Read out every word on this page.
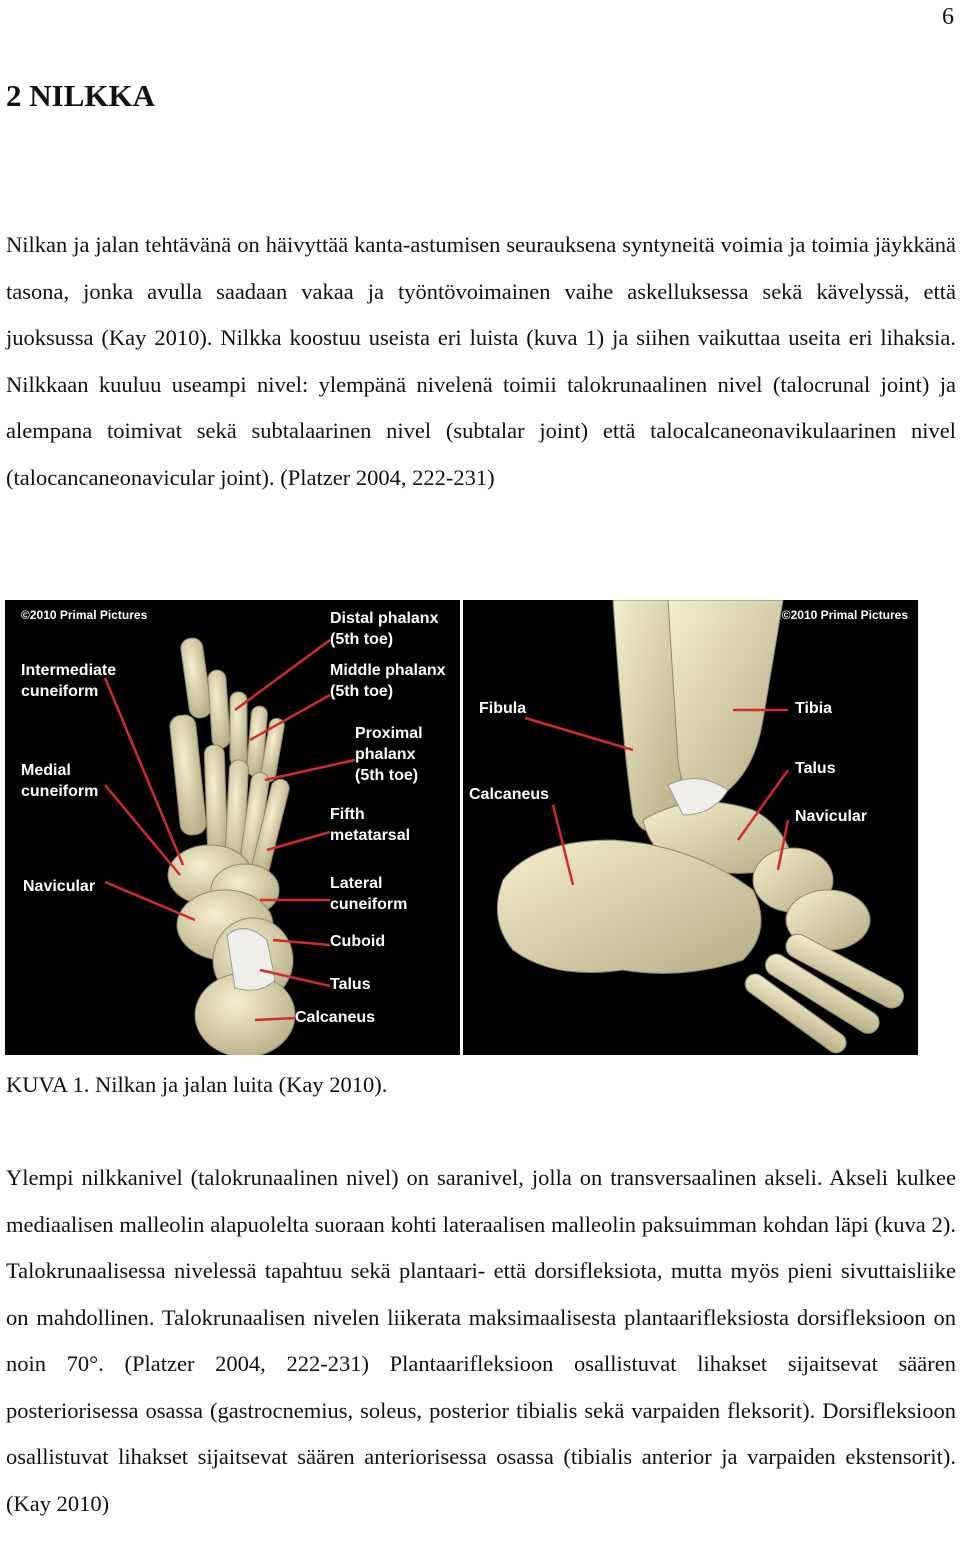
6
2 NILKKA

Nilkan ja jalan tehtävänä on häivyttää kanta-astumisen seurauksena syntyneitä voimia ja toimia jäykkänä tasona, jonka avulla saadaan vakaa ja työntövoimainen vaihe askelluksessa sekä kävelyssä, että juoksussa (Kay 2010). Nilkka koostuu useista eri luista (kuva 1) ja siihen vaikuttaa useita eri lihaksia. Nilkkaan kuuluu useampi nivel: ylempänä nivelenä toimii talokrunaalinen nivel (talocrunal joint) ja alempana toimivat sekä subtalaarinen nivel (subtalar joint) että talocalcaneonavikulaarinen nivel (talocancaneonavicular joint). (Platzer 2004, 222-231)

©2010 Primal Pictures
Intermediate
cuneiform
Medial
cuneiform
Navicular
Distal phalanx
(5th toe)
Middle phalanx
(5th toe)
Proximal
phalanx
(5th toe)
Fifth
metatarsal
Lateral
cuneiform
Cuboid
Talus
Calcaneus
©2010 Primal Pictures
Fibula	Tibia
Talus
Calcaneus
Navicular

KUVA 1. Nilkan ja jalan luita (Kay 2010).

Ylempi nilkkanivel (talokrunaalinen nivel) on saranivel, jolla on transversaalinen akseli. Akseli kulkee mediaalisen malleolin alapuolelta suoraan kohti lateraalisen malleolin paksuimman kohdan läpi (kuva 2). Talokrunaalisessa nivelessä tapahtuu sekä plantaari- että dorsifleksiota, mutta myös pieni sivuttaisliike on mahdollinen. Talokrunaalisen nivelen liikerata maksimaalisesta plantaarifleksiosta dorsifleksioon on noin 70°. (Platzer 2004, 222-231) Plantaarifleksioon osallistuvat lihakset sijaitsevat säären posteriorisessa osassa (gastrocnemius, soleus, posterior tibialis sekä varpaiden fleksorit). Dorsifleksioon osallistuvat lihakset sijaitsevat säären anteriorisessa osassa (tibialis anterior ja varpaiden ekstensorit). (Kay 2010)
